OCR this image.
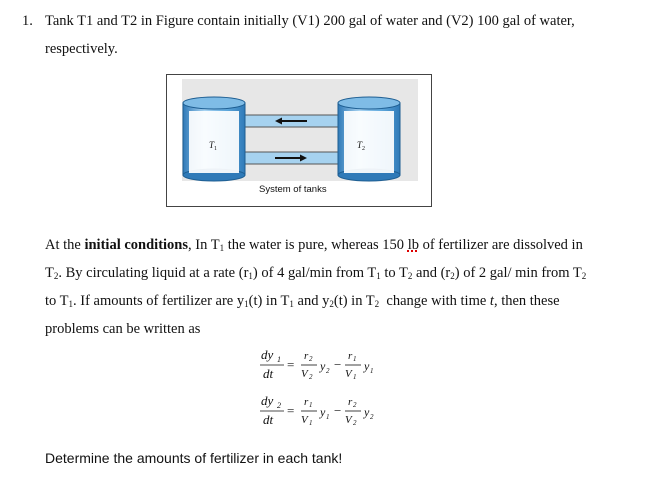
1. Tank T1 and T2 in Figure contain initially (V1) 200 gal of water and (V2) 100 gal of water,
respectively.
T 1	T 2
System of tanks
At the initial conditions, In $T_1$ the water is pure, whereas 150 lb of fertilizer are dissolved in
$T_2$. By circulating liquid at a rate $(r_1)$ of 4 gal/min from $T_1$ to $T_2$ and $(r_2)$ of 2 gal/ min from $T_2$
to $T_1$. If amounts of fertilizer are $y_1(t)$ in $T_1$ and $y_2(t)$ in $T_2$  change with time t, then these
problems can be written as
dy 1
dt
=
r 2
V 2
y 2 −
r 1
V 1
y 1
dy 2
dt
=
r 1
V 1
y 1 −
r 2
V 2
y 2
Determine the amounts of fertilizer in each tank!
